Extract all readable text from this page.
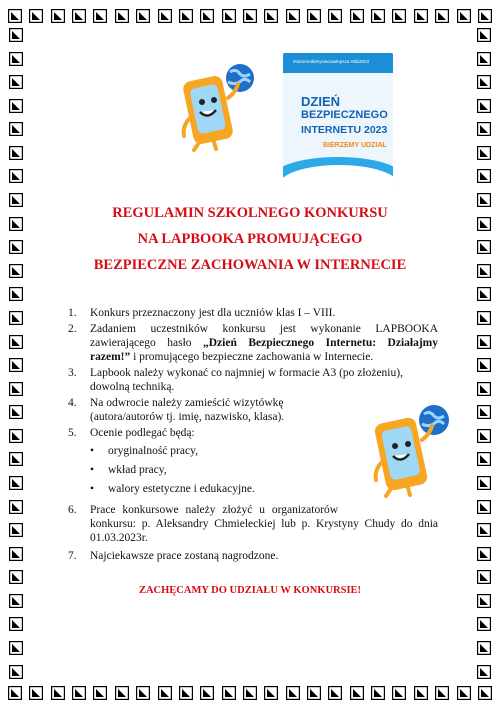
#razemrobimysieciowlepsza #dbi2023
DZIEŃ
BEZPIECZNEGO
INTERNETU 2023
BIERZEMY UDZIAŁ
REGULAMIN SZKOLNEGO KONKURSU
NA LAPBOOKA PROMUJĄCEGO
BEZPIECZNE ZACHOWANIA W INTERNECIE
1. Konkurs przeznaczony jest dla uczniów klas I – VIII.

2. Zadaniem uczestników konkursu jest wykonanie LAPBOOKA zawierającego hasło „Dzień Bezpiecznego Internetu: Działajmy razem!” i promującego bezpieczne zachowania w Internecie.

3. Lapbook należy wykonać co najmniej w formacie A3 (po złożeniu),

dowolną techniką.

4. Na odwrocie należy zamieścić wizytówkę

(autora/autorów tj. imię, nazwisko, klasa).

5. Ocenie podlegać będą:

• oryginalność pracy,
• wkład pracy,
• walory estetyczne i edukacyjne.
6. Prace konkursowe należy złożyć u organizatorów

konkursu: p. Aleksandry Chmieleckiej lub p. Krystyny Chudy do dnia 01.03.2023r.

7. Najciekawsze prace zostaną nagrodzone.

ZACHĘCAMY DO UDZIAŁU W KONKURSIE!
